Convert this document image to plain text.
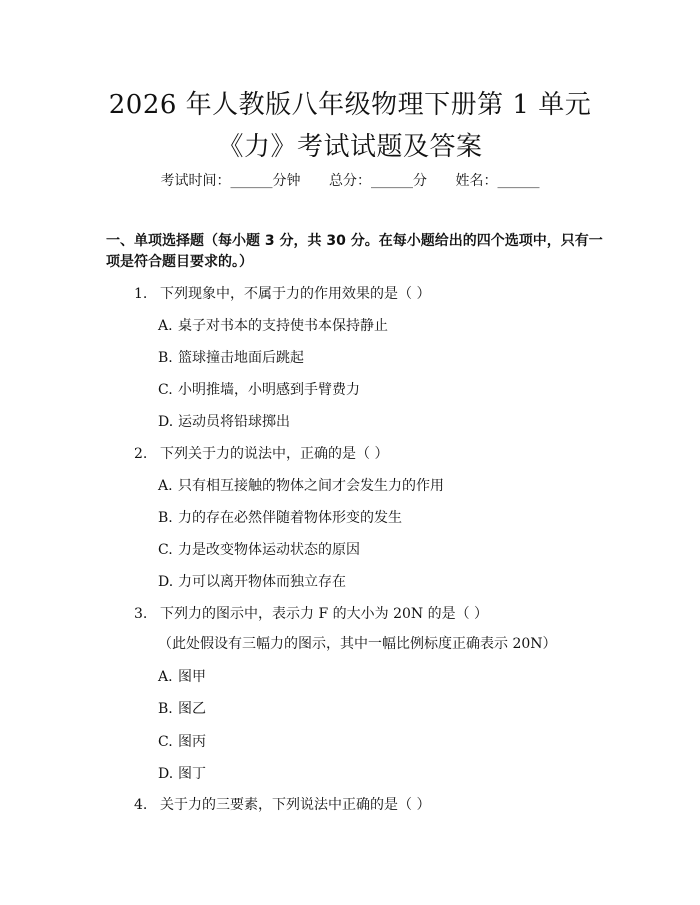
2026 年人教版八年级物理下册第 1 单元
《力》考试试题及答案
考试时间：______分钟 总分：______分 姓名：______
一、单项选择题（每小题 3 分，共 30 分。在每小题给出的四个选项中，只有一项是符合题目要求的。）
1. 下列现象中，不属于力的作用效果的是（ ）
A. 桌子对书本的支持使书本保持静止
B. 篮球撞击地面后跳起
C. 小明推墙，小明感到手臂费力
D. 运动员将铅球掷出
2. 下列关于力的说法中，正确的是（ ）
A. 只有相互接触的物体之间才会发生力的作用
B. 力的存在必然伴随着物体形变的发生
C. 力是改变物体运动状态的原因
D. 力可以离开物体而独立存在
3. 下列力的图示中，表示力 F 的大小为 20N 的是（ ）
（此处假设有三幅力的图示，其中一幅比例标度正确表示 20N）
A. 图甲
B. 图乙
C. 图丙
D. 图丁
4. 关于力的三要素，下列说法中正确的是（ ）
